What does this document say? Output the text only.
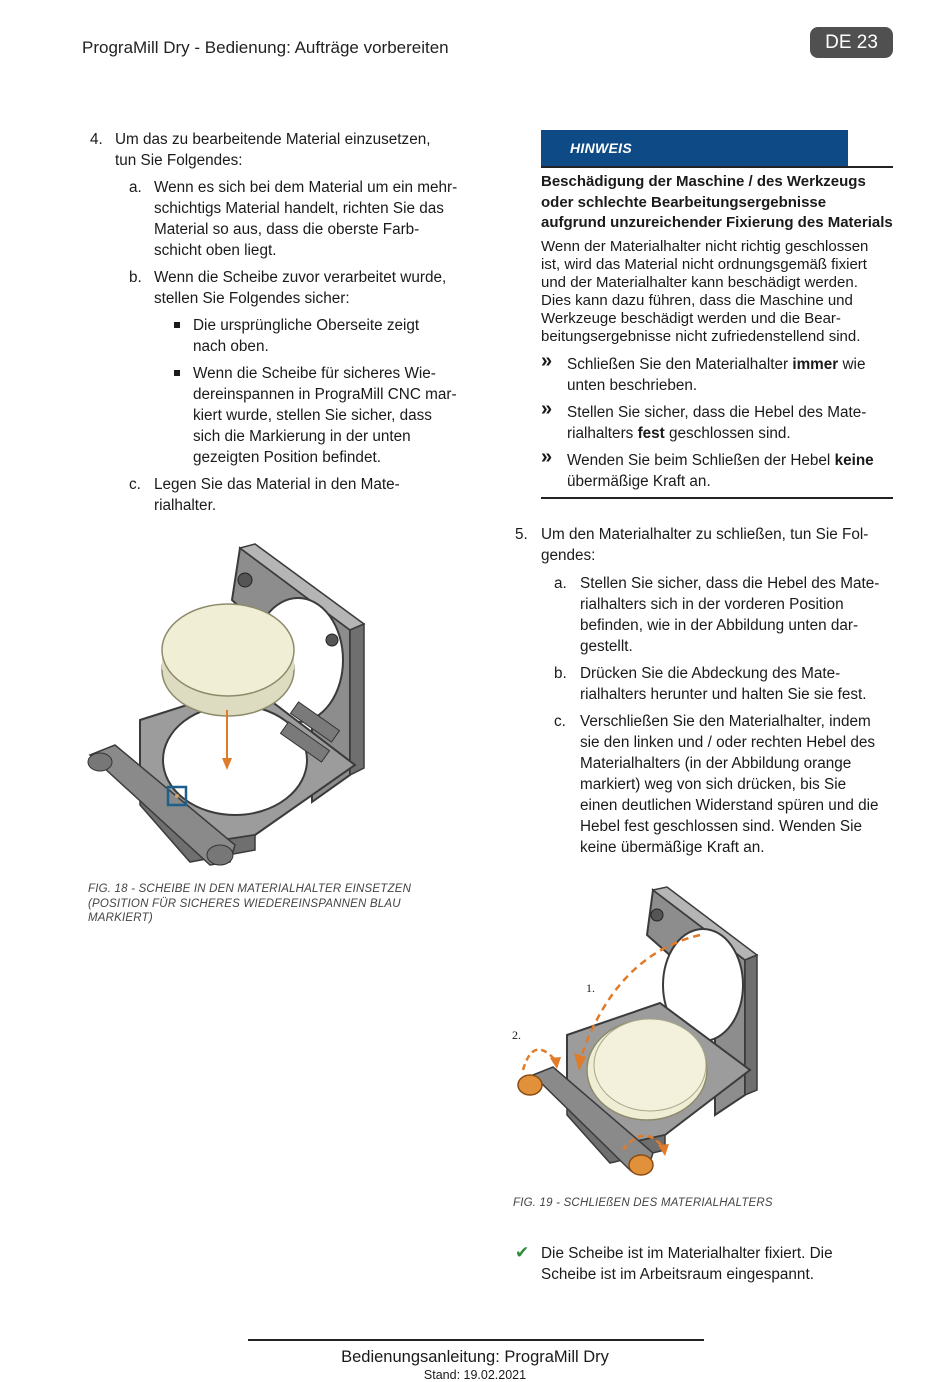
PrograMill Dry - Bedienung: Aufträge vorbereiten	DE 23
4. Um das zu bearbeitende Material einzusetzen,
tun Sie Folgendes:
a. Wenn es sich bei dem Material um ein mehr-
schichtigs Material handelt, richten Sie das
Material so aus, dass die oberste Farb-
schicht oben liegt.
b. Wenn die Scheibe zuvor verarbeitet wurde,
stellen Sie Folgendes sicher:
Die ursprüngliche Oberseite zeigt
nach oben.
Wenn die Scheibe für sicheres Wie-
dereinspannen in PrograMill CNC mar-
kiert wurde, stellen Sie sicher, dass
sich die Markierung in der unten
gezeigten Position befindet.
c. Legen Sie das Material in den Mate-
rialhalter.
FIG. 18 - SCHEIBE IN DEN MATERIALHALTER EINSETZEN
(POSITION FÜR SICHERES WIEDEREINSPANNEN BLAU
MARKIERT)
HINWEIS
Beschädigung der Maschine / des Werkzeugs
oder schlechte Bearbeitungsergebnisse
aufgrund unzureichender Fixierung des Materials
Wenn der Materialhalter nicht richtig geschlossen
ist, wird das Material nicht ordnungsgemäß fixiert
und der Materialhalter kann beschädigt werden.
Dies kann dazu führen, dass die Maschine und
Werkzeuge beschädigt werden und die Bear-
beitungsergebnisse nicht zufriedenstellend sind.
» Schließen Sie den Materialhalter immer wie
unten beschrieben.
» Stellen Sie sicher, dass die Hebel des Mate-
rialhalters fest geschlossen sind.
» Wenden Sie beim Schließen der Hebel keine
übermäßige Kraft an.
5. Um den Materialhalter zu schließen, tun Sie Fol-
gendes:
a. Stellen Sie sicher, dass die Hebel des Mate-
rialhalters sich in der vorderen Position
befinden, wie in der Abbildung unten dar-
gestellt.
b. Drücken Sie die Abdeckung des Mate-
rialhalters herunter und halten Sie sie fest.
c. Verschließen Sie den Materialhalter, indem
sie den linken und / oder rechten Hebel des
Materialhalters (in der Abbildung orange
markiert) weg von sich drücken, bis Sie
einen deutlichen Widerstand spüren und die
Hebel fest geschlossen sind. Wenden Sie
keine übermäßige Kraft an.
1.
2.
FIG. 19 - SCHLIEßEN DES MATERIALHALTERS
✔ Die Scheibe ist im Materialhalter fixiert. Die
Scheibe ist im Arbeitsraum eingespannt.
Bedienungsanleitung: PrograMill Dry
Stand: 19.02.2021
